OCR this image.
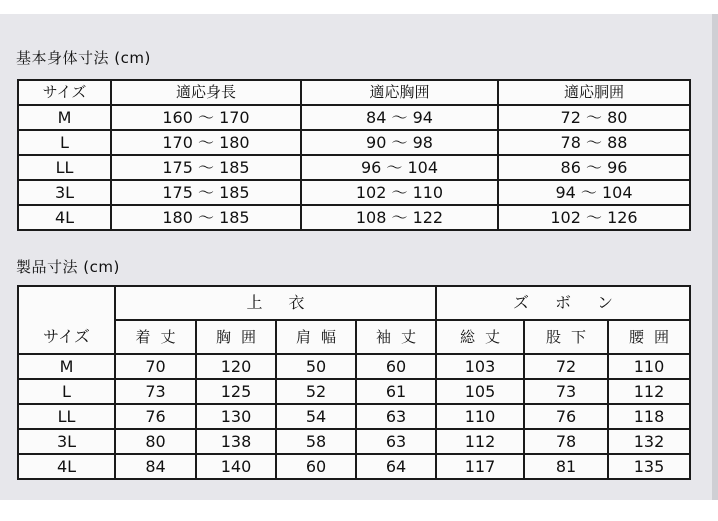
基本身体寸法 (cm)
サイズ	適応身長	適応胸囲	適応胴囲
M	160 ～ 170	84 ～ 94	72 ～ 80
L	170 ～ 180	90 ～ 98	78 ～ 88
LL	175 ～ 185	96 ～ 104	86 ～ 96
3L	175 ～ 185	102 ～ 110	94 ～ 104
4L	180 ～ 185	108 ～ 122	102 ～ 126
製品寸法 (cm)
サイズ	上衣				ズボン		
	着丈	胸囲	肩幅	袖丈	総丈	股下	腰囲
M	70	120	50	60	103	72	110
L	73	125	52	61	105	73	112
LL	76	130	54	63	110	76	118
3L	80	138	58	63	112	78	132
4L	84	140	60	64	117	81	135
